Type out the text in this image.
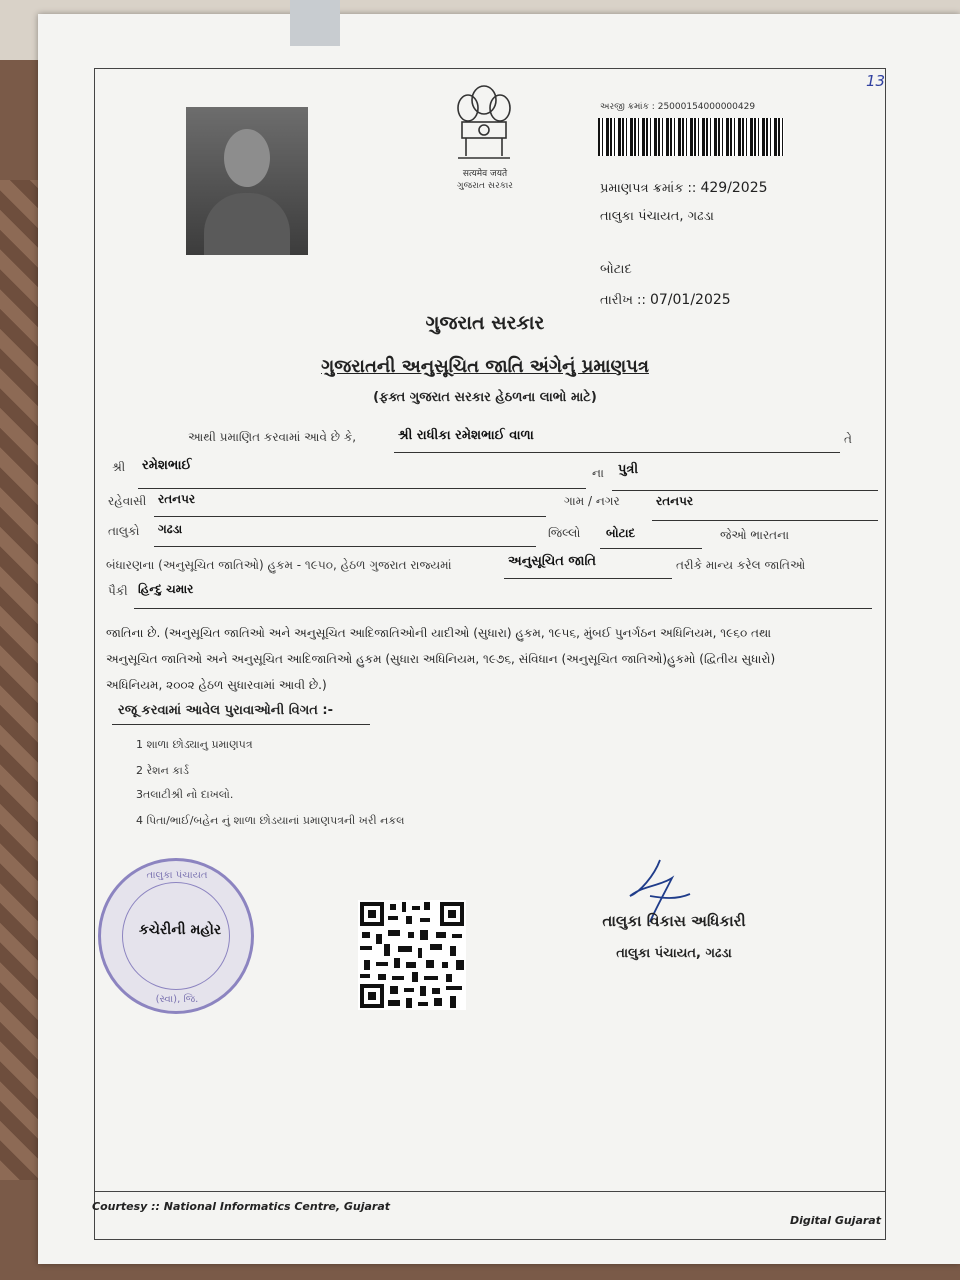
13
सत्यमेव जयते
ગુજરાત સરકાર
અરજી ક્રમાંક : 25000154000000429
પ્રમાણપત્ર ક્રમાંક :: 429/2025
તાલુકા પંચાયત, ગઢડા
બોટાદ
તારીખ :: 07/01/2025
ગુજરાત સરકાર
ગુજરાતની અનુસૂચિત જાતિ અંગેનું પ્રમાણપત્ર
(ફક્ત ગુજરાત સરકાર હેઠળના લાભો માટે)
આથી પ્રમાણિત કરવામાં આવે છે કે,	શ્રી રાધીકા રમેશભાઈ વાળા	તે
શ્રી રમેશભાઈ	ના પુત્રી
રહેવાસી રતનપર	ગામ / નગર	રતનપર
તાલુકો ગઢડા	જિલ્લો બોટાદ	જેઓ ભારતના
બંધારણના (અનુસૂચિત જાતિઓ) હુકમ - ૧૯૫૦, હેઠળ ગુજરાત રાજ્યમાં	અનુસૂચિત જાતિ	તરીકે માન્ય કરેલ જાતિઓ
પૈકી હિન્દુ ચમાર
જાતિના છે. (અનુસૂચિત જાતિઓ અને અનુસૂચિત આદિજાતિઓની યાદીઓ (સુધારા) હુકમ, ૧૯૫૬, મુંબઈ પુનર્ગઠન અધિનિયમ, ૧૯૬૦ તથા
અનુસૂચિત જાતિઓ અને અનુસૂચિત આદિજાતિઓ હુકમ (સુધારા અધિનિયમ, ૧૯૭૬, સંવિધાન (અનુસૂચિત જાતિઓ)હુકમો (દ્વિતીય સુધારો)
અધિનિયમ, ૨૦૦૨ હેઠળ સુધારવામાં આવી છે.)
રજૂ કરવામાં આવેલ પુરાવાઓની વિગત :-
1 શાળા છોડ્યાનુ પ્રમાણપત્ર
2 રેશન કાર્ડ
3તલાટીશ્રી નો દાખલો.
4 પિતા/ભાઈ/બહેન નું શાળા છોડયાનાં પ્રમાણપત્રની ખરી નકલ
તાલુકા પંચાયત
(સ્વા), જિ.
કચેરીની મહોર	તાલુકા વિકાસ અધિકારી
તાલુકા પંચાયત, ગઢડા
Courtesy :: National Informatics Centre, Gujarat
Digital Gujarat
